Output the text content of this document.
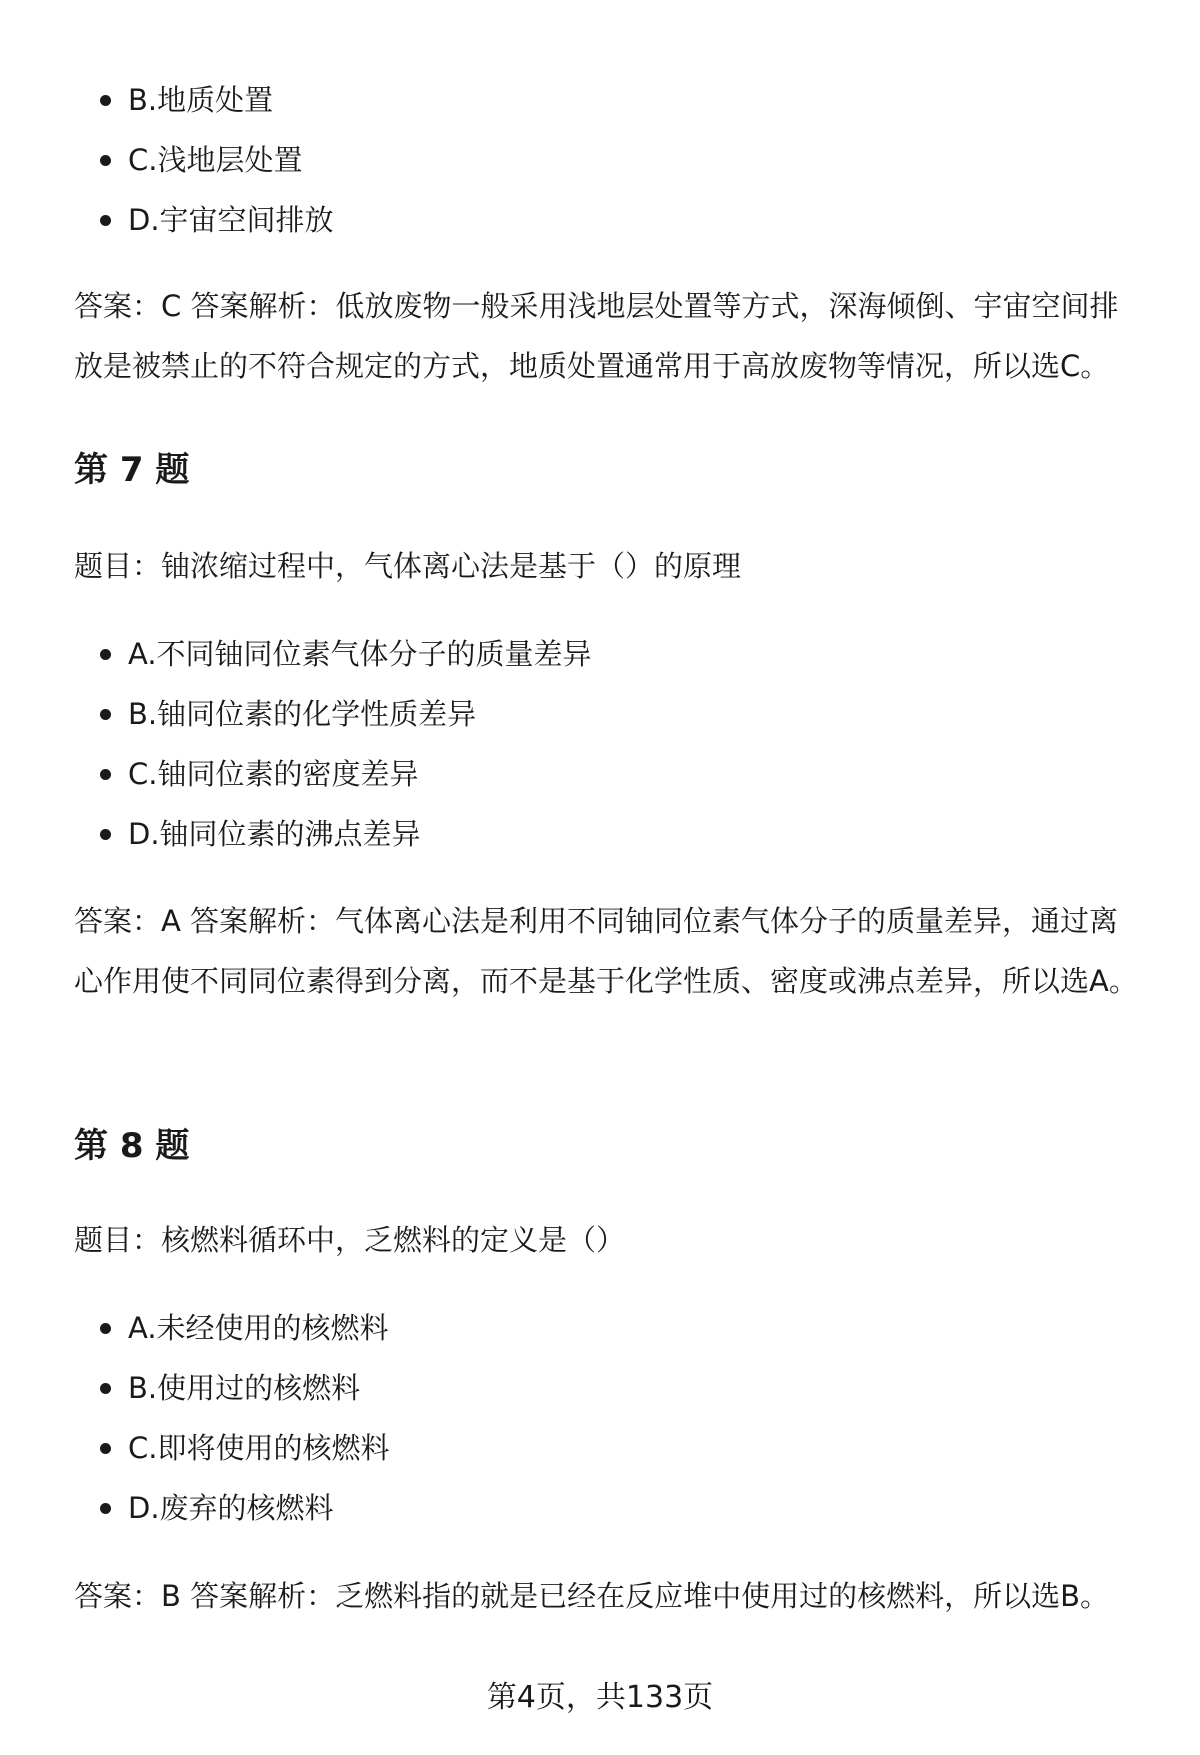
B.地质处置
C.浅地层处置
D.宇宙空间排放

答案：C 答案解析：低放废物一般采用浅地层处置等方式，深海倾倒、宇宙空间排放是被禁止的不符合规定的方式，地质处置通常用于高放废物等情况，所以选C。

第 7 题

题目：铀浓缩过程中，气体离心法是基于（）的原理

A.不同铀同位素气体分子的质量差异
B.铀同位素的化学性质差异
C.铀同位素的密度差异
D.铀同位素的沸点差异

答案：A 答案解析：气体离心法是利用不同铀同位素气体分子的质量差异，通过离心作用使不同同位素得到分离，而不是基于化学性质、密度或沸点差异，所以选A。

第 8 题

题目：核燃料循环中，乏燃料的定义是（）

A.未经使用的核燃料
B.使用过的核燃料
C.即将使用的核燃料
D.废弃的核燃料

答案：B 答案解析：乏燃料指的就是已经在反应堆中使用过的核燃料，所以选B。

第4页，共133页
